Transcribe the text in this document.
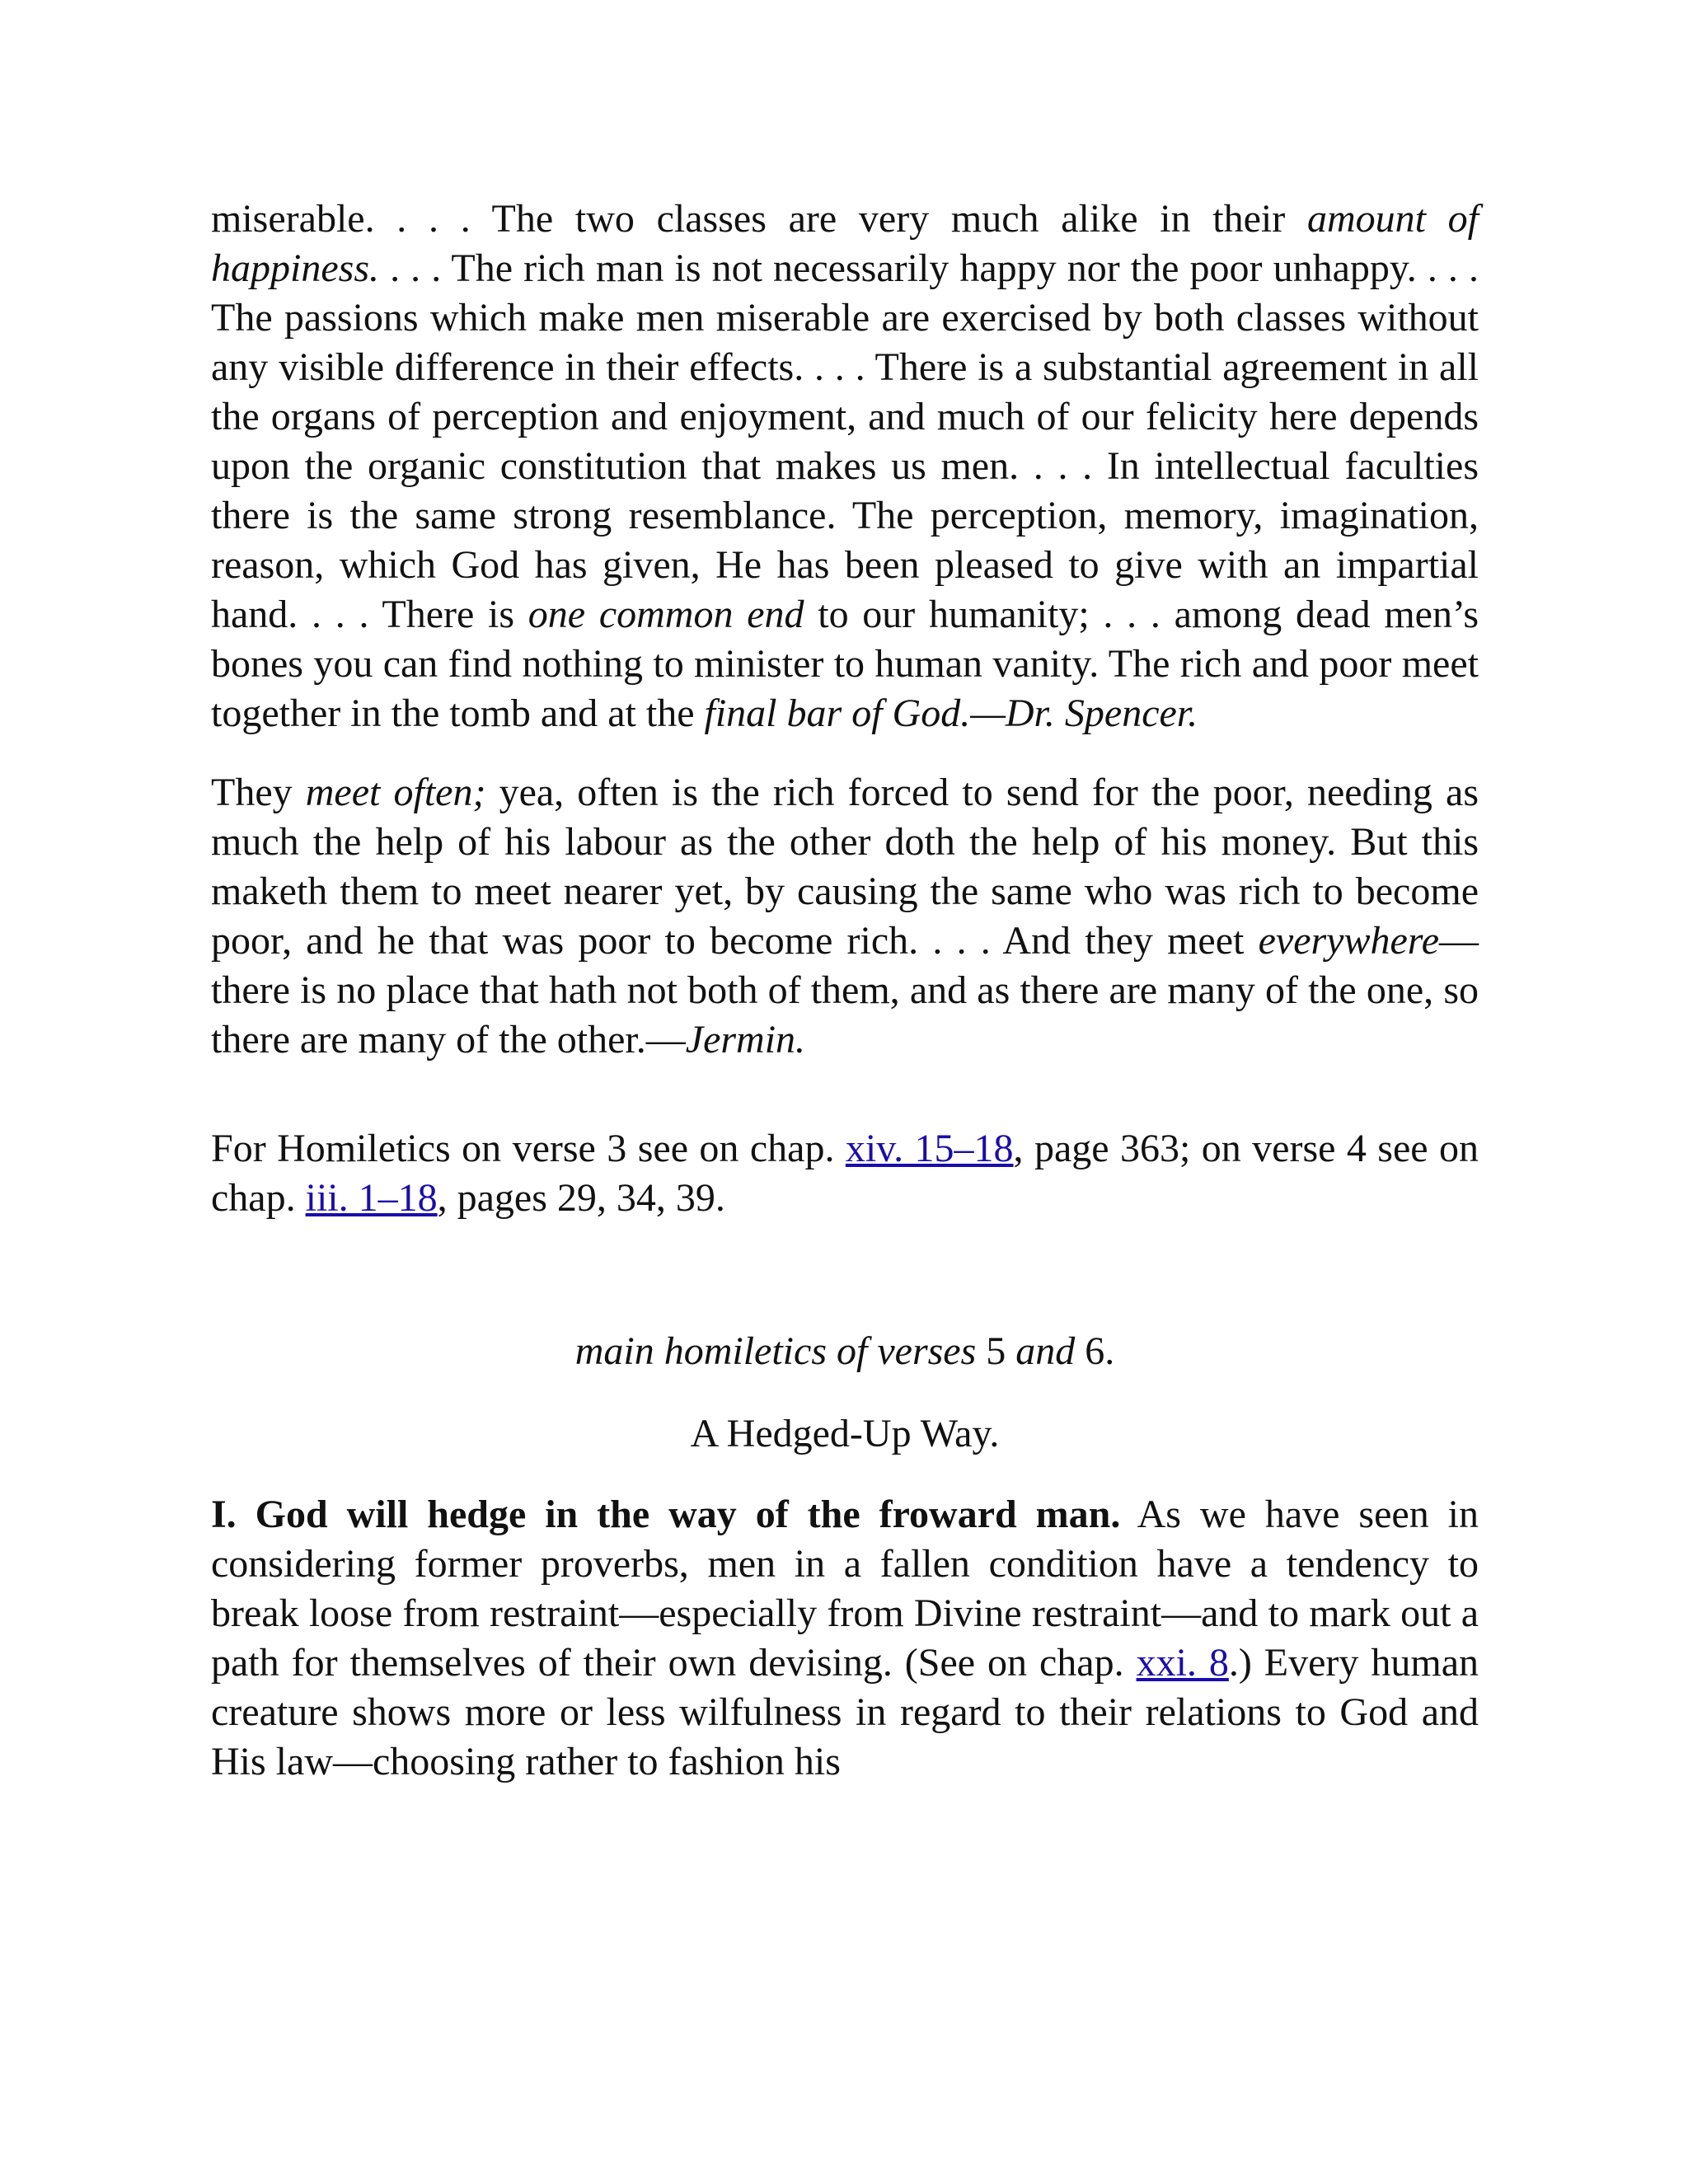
miserable. . . . The two classes are very much alike in their amount of happiness. . . . The rich man is not necessarily happy nor the poor unhappy. . . . The passions which make men miserable are exercised by both classes without any visible difference in their effects. . . . There is a substantial agreement in all the organs of perception and enjoyment, and much of our felicity here depends upon the organic constitution that makes us men. . . . In intellectual faculties there is the same strong resemblance. The perception, memory, imagination, reason, which God has given, He has been pleased to give with an impartial hand. . . . There is one common end to our humanity; . . . among dead men’s bones you can find nothing to minister to human vanity. The rich and poor meet together in the tomb and at the final bar of God.—Dr. Spencer.

They meet often; yea, often is the rich forced to send for the poor, needing as much the help of his labour as the other doth the help of his money. But this maketh them to meet nearer yet, by causing the same who was rich to become poor, and he that was poor to become rich. . . . And they meet everywhere—there is no place that hath not both of them, and as there are many of the one, so there are many of the other.—Jermin.

For Homiletics on verse 3 see on chap. xiv. 15–18, page 363; on verse 4 see on chap. iii. 1–18, pages 29, 34, 39.

main homiletics of verses 5 and 6.

A Hedged-Up Way.

I. God will hedge in the way of the froward man. As we have seen in considering former proverbs, men in a fallen condition have a tendency to break loose from restraint—especially from Divine restraint—and to mark out a path for themselves of their own devising. (See on chap. xxi. 8.) Every human creature shows more or less wilfulness in regard to their relations to God and His law—choosing rather to fashion his
